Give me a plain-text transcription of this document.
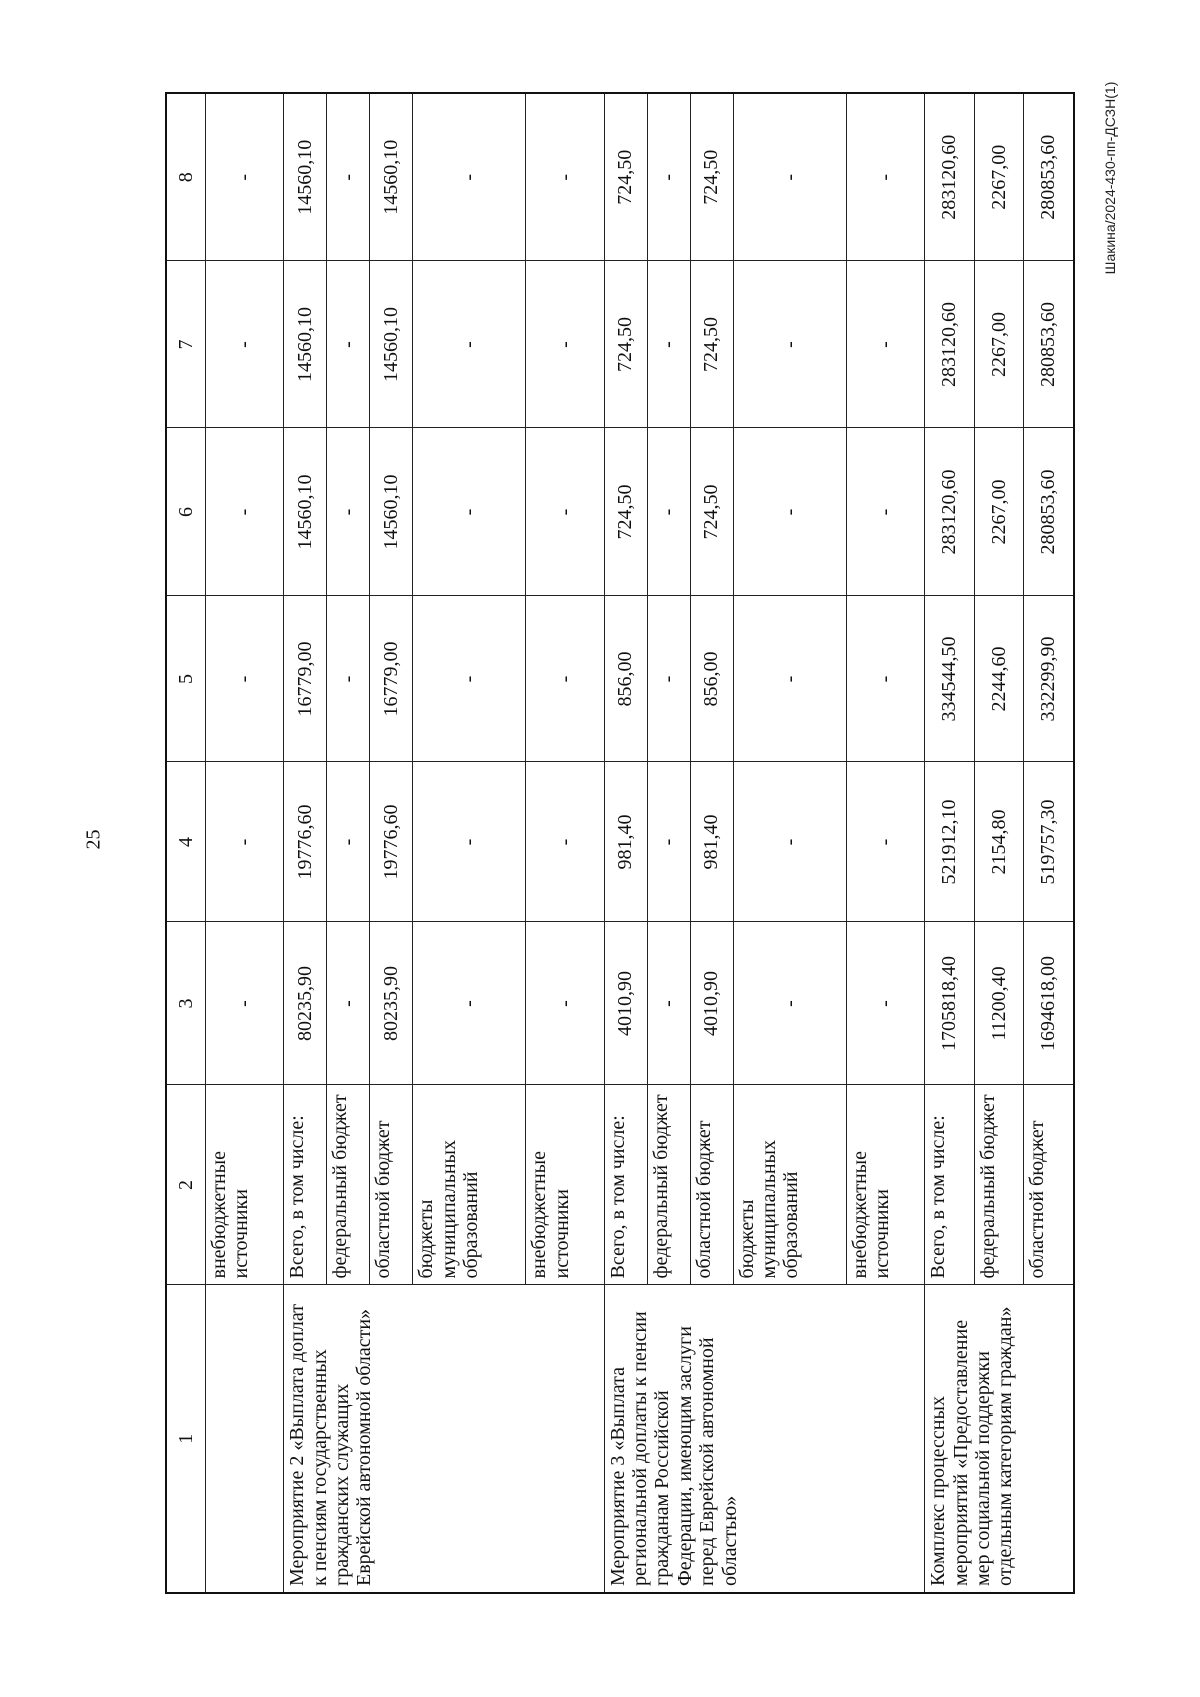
25
Шакина/2024-430-пп-ДСЗН(1)
1	2	3	4	5	6	7	8
	внебюджетные источники	-	-	-	-	-	-
Мероприятие 2 «Выплата доплат к пенсиям государственных гражданских служащих Еврейской автономной области»	Всего, в том числе:	80235,90	19776,60	16779,00	14560,10	14560,10	14560,10
	федеральный бюджет	-	-	-	-	-	-
	областной бюджет	80235,90	19776,60	16779,00	14560,10	14560,10	14560,10
	бюджеты муниципальных образований	-	-	-	-	-	-
	внебюджетные источники	-	-	-	-	-	-
Мероприятие 3 «Выплата региональной доплаты к пенсии гражданам Российской Федерации, имеющим заслуги перед Еврейской автономной областью»	Всего, в том числе:	4010,90	981,40	856,00	724,50	724,50	724,50
	федеральный бюджет	-	-	-	-	-	-
	областной бюджет	4010,90	981,40	856,00	724,50	724,50	724,50
	бюджеты муниципальных образований	-	-	-	-	-	-
	внебюджетные источники	-	-	-	-	-	-
Комплекс процессных мероприятий «Предоставление мер социальной поддержки отдельным категориям граждан»	Всего, в том числе:	1705818,40	521912,10	334544,50	283120,60	283120,60	283120,60
	федеральный бюджет	11200,40	2154,80	2244,60	2267,00	2267,00	2267,00
	областной бюджет	1694618,00	519757,30	332299,90	280853,60	280853,60	280853,60
